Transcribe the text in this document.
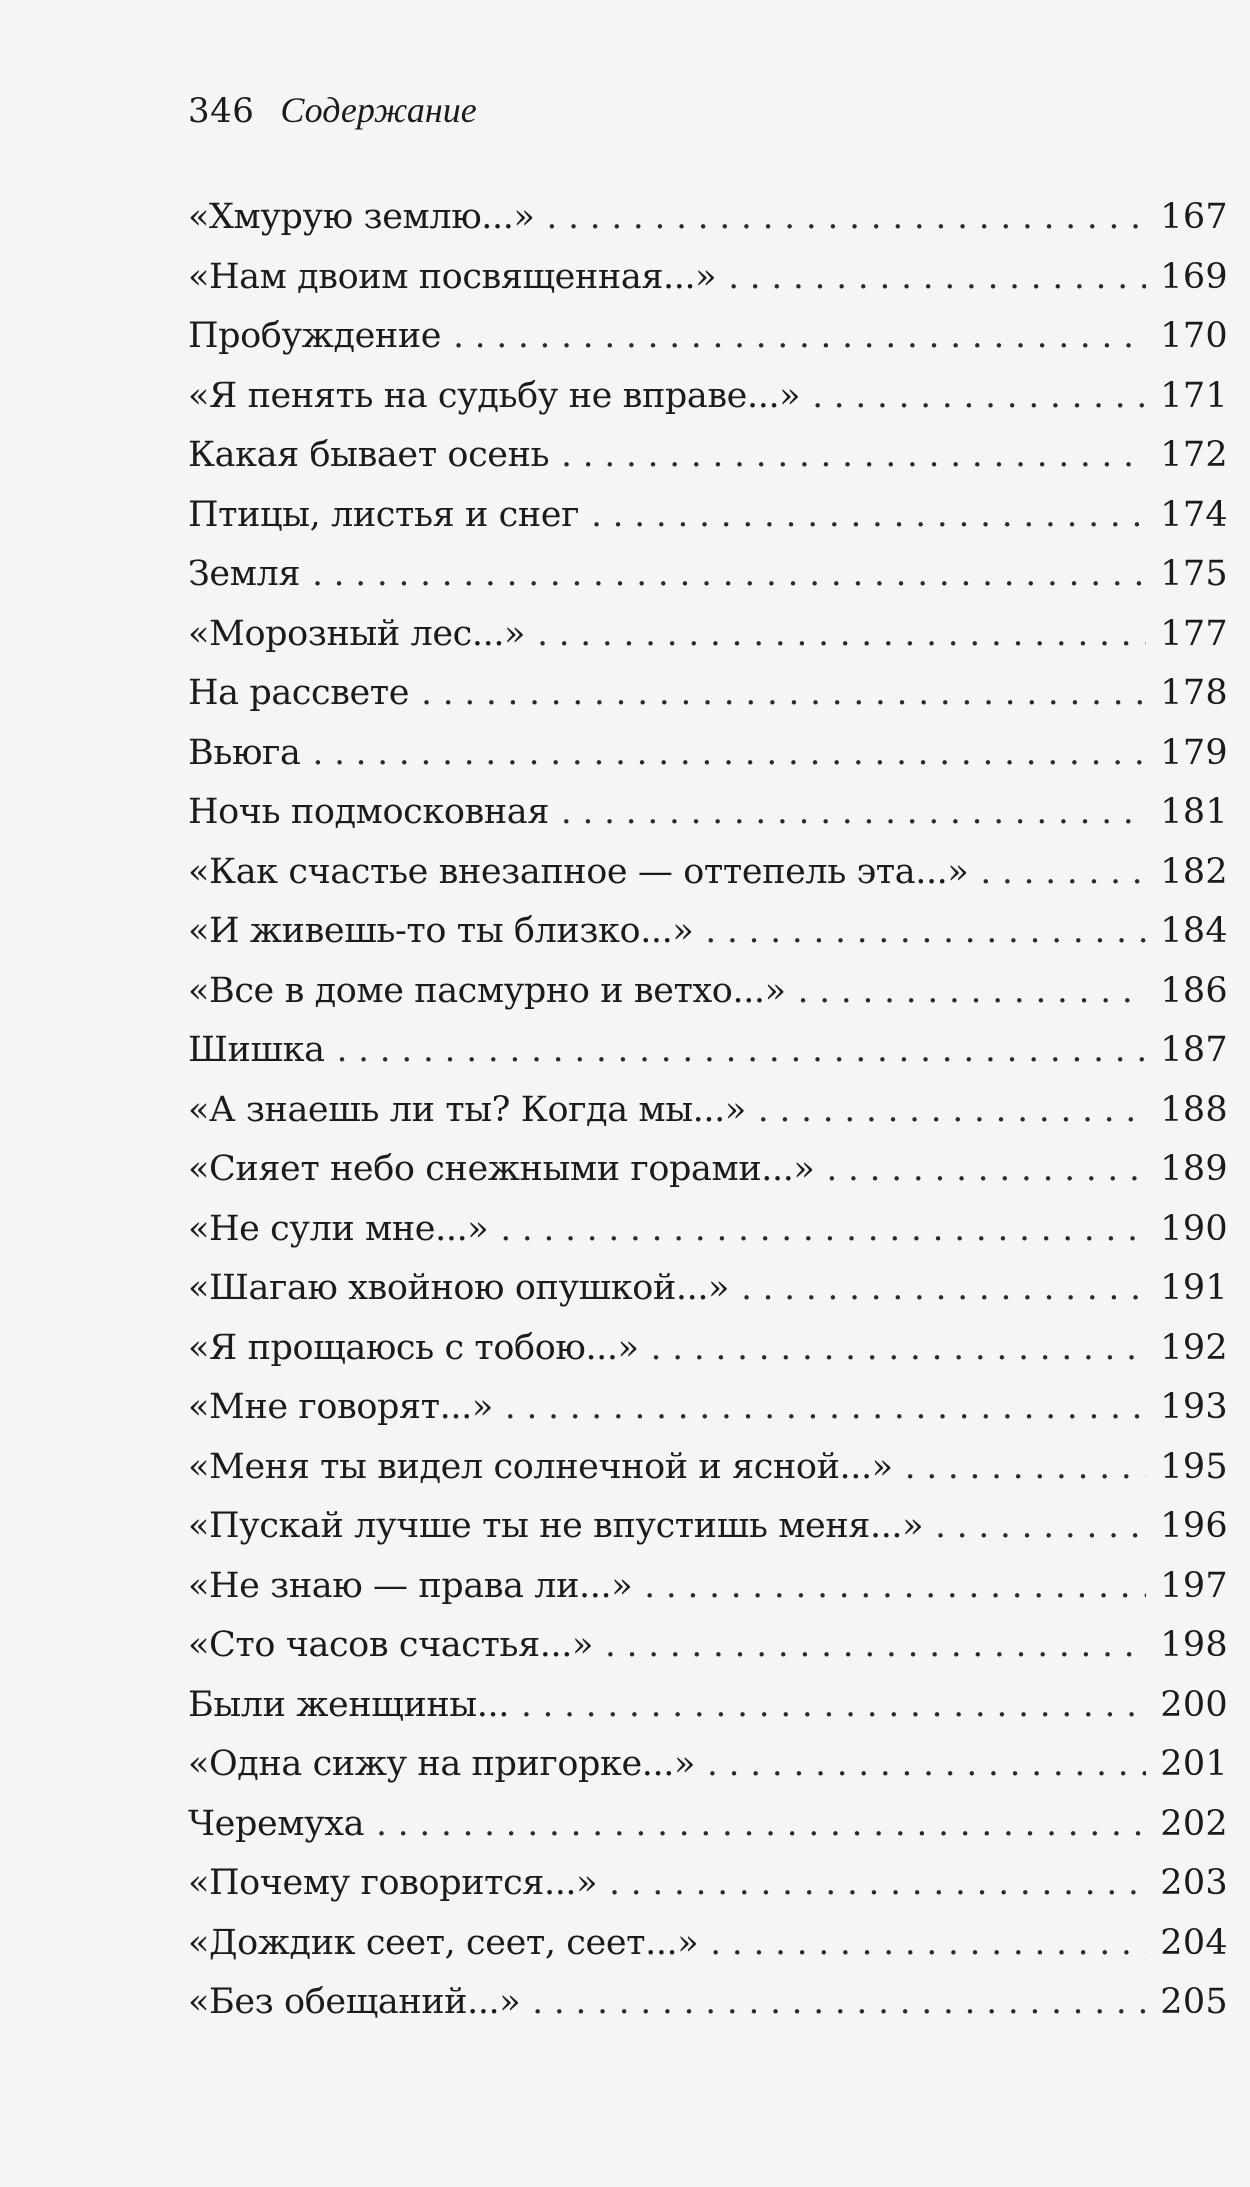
346 Содержание
«Хмурую землю...» . . .	167
«Нам двоим посвященная...» . . .	169
Пробуждение . . .	170
«Я пенять на судьбу не вправе...» . . .	171
Какая бывает осень . . .	172
Птицы, листья и снег . . .	174
Земля . . .	175
«Морозный лес...» . . .	177
На рассвете . . .	178
Вьюга . . .	179
Ночь подмосковная . . .	181
«Как счастье внезапное — оттепель эта...» . . .	182
«И живешь-то ты близко...» . . .	184
«Все в доме пасмурно и ветхо...» . . .	186
Шишка . . .	187
«А знаешь ли ты? Когда мы...» . . .	188
«Сияет небо снежными горами...» . . .	189
«Не сули мне...» . . .	190
«Шагаю хвойною опушкой...» . . .	191
«Я прощаюсь с тобою...» . . .	192
«Мне говорят...» . . .	193
«Меня ты видел солнечной и ясной...» . . .	195
«Пускай лучше ты не впустишь меня...» . . .	196
«Не знаю — права ли...» . . .	197
«Сто часов счастья...» . . .	198
Были женщины... . . .	200
«Одна сижу на пригорке...» . . .	201
Черемуха . . .	202
«Почему говорится...» . . .	203
«Дождик сеет, сеет, сеет...» . . .	204
«Без обещаний...» . . .	205
